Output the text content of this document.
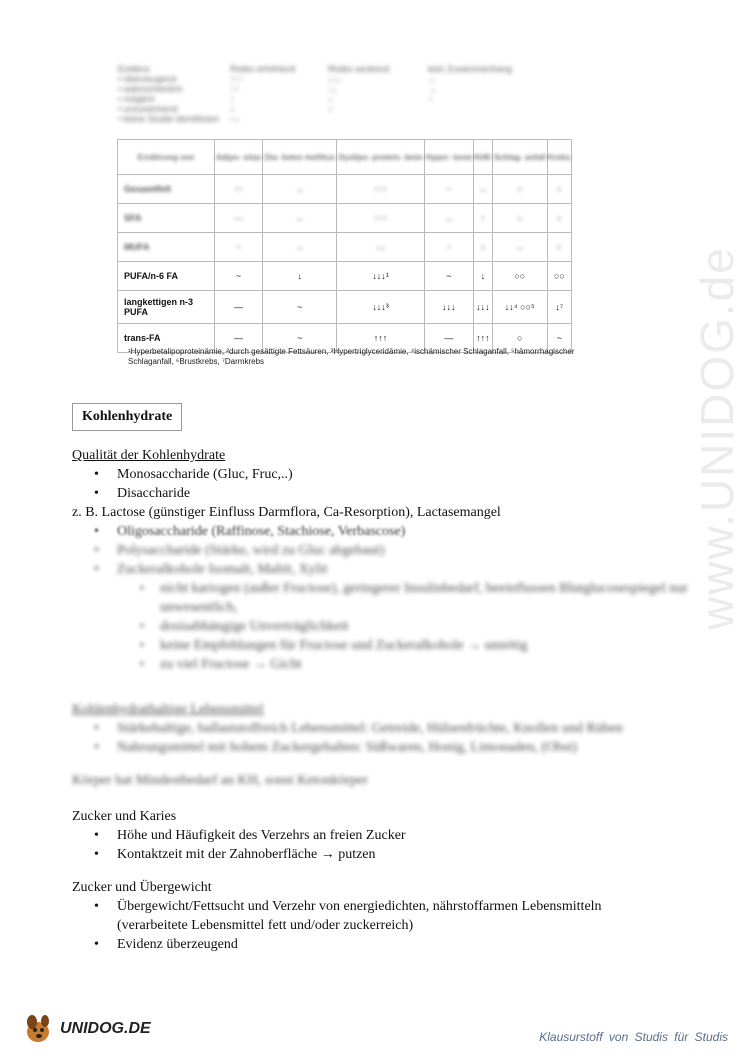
www.UNIDOG.de
Evidenz	Risiko erhöhend	Risiko senkend	kein Zusammenhang
• überzeugend	↑↑↑	↓↓↓	↔
• wahrscheinlich	↑↑	↓↓	↔
• möglich	↑	↓	~
• unzureichend	○	○
• keine Studie identifiziert	—
Ernährung von	Adipo- sitas	Dia- betes mellitus	Dyslipo- protein- ämie	Hyper- tonie	KHK	Schlag- anfall	Krebs
Gesamtfett	↑↑	↔	↑↑↑	~	↔	○	○
SFA	—	↔	↑↑↑	↔	↑	○	○
MUFA	~	↔	↓↓	~	○	↔	○
PUFA/n-6 FA	~	↓	↓↓↓¹	~	↓	○○	○○
langkettigen n-3 PUFA	—	~	↓↓↓³	↓↓↓	↓↓↓	↓↓⁴ ○○⁵	↓⁷
trans-FA	—	~	↑↑↑	—	↑↑↑	○	~
¹Hyperbetalipoproteinämie, ²durch gesättigte Fettsäuren, ³Hypertriglyceridämie, ⁴ischämischer Schlaganfall, ⁵hämorrhagischer Schlaganfall, ⁶Brustkrebs, ⁷Darmkrebs
Kohlenhydrate
Qualität der Kohlenhydrate
• Monosaccharide (Gluc, Fruc,..)
• Disaccharide
z. B. Lactose (günstiger Einfluss Darmflora, Ca-Resorption), Lactasemangel
• Oligosaccharide (Raffinose, Stachiose, Verbascose)
• Polysaccharide (Stärke, wird zu Gluc abgebaut)
• Zuckeralkohole Isomalt, Maltit, Xylit
▪ nicht kariogen (außer Fructose), geringerer Insulinbedarf, beeinflussen Blutglucosespiegel nur unwesentlich,
▪ dosisabhängige Unverträglichkeit
▪ keine Empfehlungen für Fructose und Zuckeralkohole → unnötig
▪ zu viel Fructose → Gicht
Kohlenhydrathaltige Lebensmittel
• Stärkehaltige, ballaststoffreich Lebensmittel: Getreide, Hülsenfrüchte, Knollen und Rüben
• Nahrungsmittel mit hohem Zuckergehalten: Süßwaren, Honig, Limonaden, (Obst)
Körper hat Mindestbedarf an KH, sonst Ketonkörper
Zucker und Karies
• Höhe und Häufigkeit des Verzehrs an freien Zucker
• Kontaktzeit mit der Zahnoberfläche → putzen
Zucker und Übergewicht
• Übergewicht/Fettsucht und Verzehr von energiedichten, nährstoffarmen Lebensmitteln (verarbeitete Lebensmittel fett und/oder zuckerreich)
• Evidenz überzeugend
UNIDOG.DE	Klausurstoff von Studis für Studis
